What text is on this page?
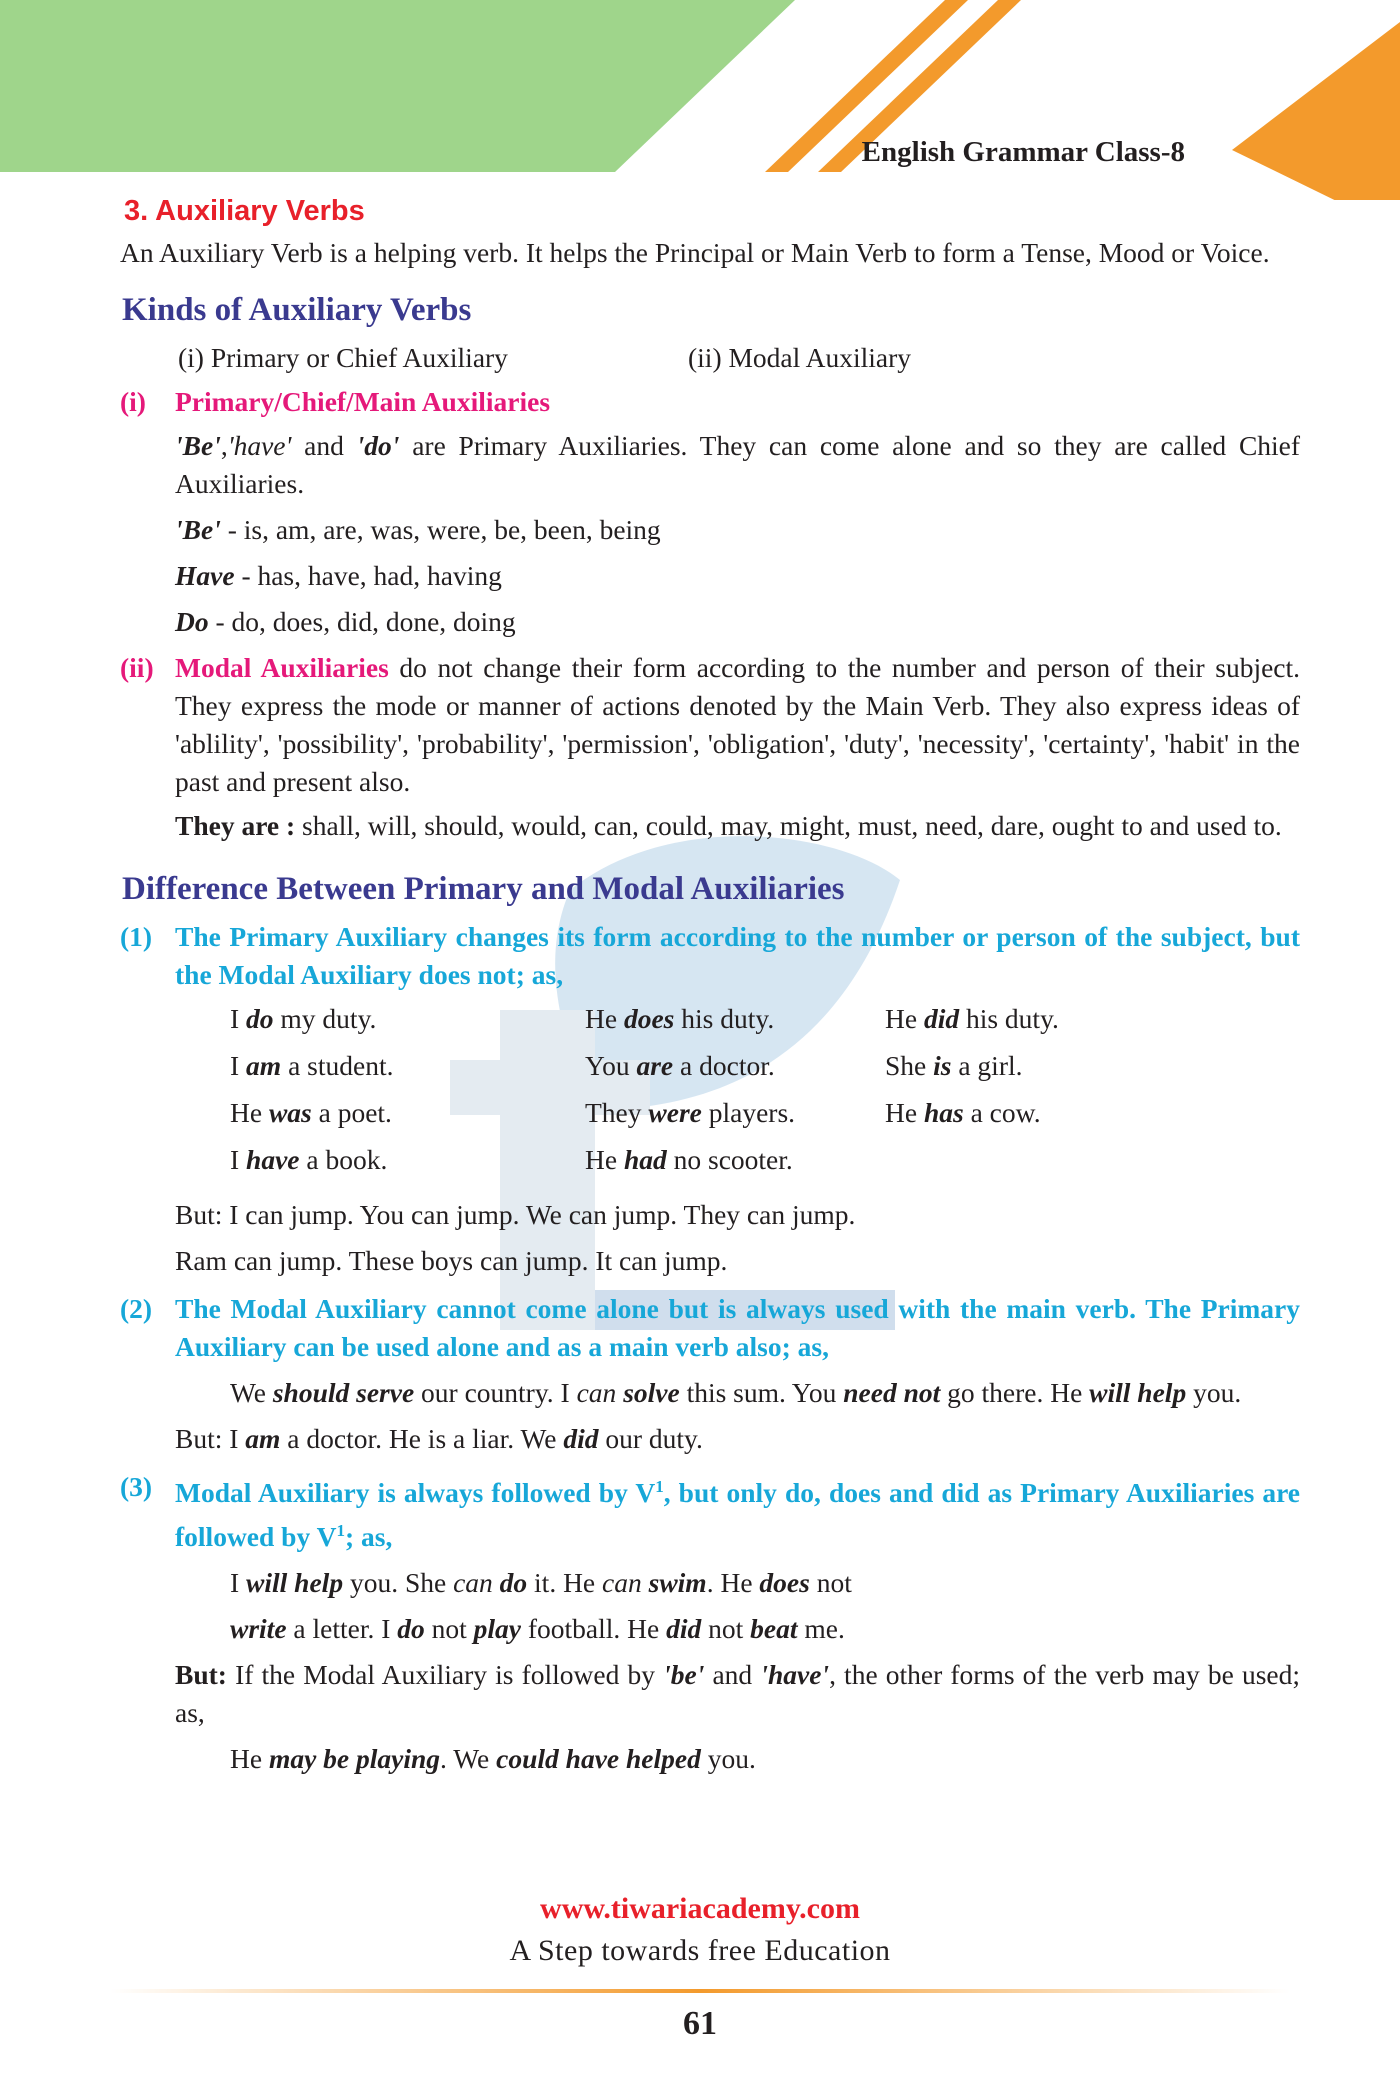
English Grammar Class-8
3. Auxiliary Verbs

An Auxiliary Verb is a helping verb. It helps the Principal or Main Verb to form a Tense, Mood or Voice.

Kinds of Auxiliary Verbs
(i) Primary or Chief Auxiliary	(ii) Modal Auxiliary
(i)	Primary/Chief/Main Auxiliaries

'Be','have' and 'do' are Primary Auxiliaries. They can come alone and so they are called Chief Auxiliaries.

'Be' - is, am, are, was, were, be, been, being
Have - has, have, had, having
Do - do, does, did, done, doing
(ii) Modal Auxiliaries do not change their form according to the number and person of their subject. They express the mode or manner of actions denoted by the Main Verb. They also express ideas of 'ablility', 'possibility', 'probability', 'permission', 'obligation', 'duty', 'necessity', 'certainty', 'habit' in the past and present also.

They are : shall, will, should, would, can, could, may, might, must, need, dare, ought to and used to.

Difference Between Primary and Modal Auxiliaries
(1) The Primary Auxiliary changes its form according to the number or person of the subject, but the Modal Auxiliary does not; as,

I do my duty.	He does his duty.	He did his duty.
I am a student.	You are a doctor.	She is a girl.
He was a poet.	They were players.	He has a cow.
I have a book.	He had no scooter.
But: I can jump. You can jump. We can jump. They can jump.
Ram can jump. These boys can jump. It can jump.
(2) The Modal Auxiliary cannot come alone but is always used with the main verb. The Primary Auxiliary can be used alone and as a main verb also; as,

We should serve our country. I can solve this sum. You need not go there. He will help you.

But: I am a doctor. He is a liar. We did our duty.
(3) Modal Auxiliary is always followed by $V^1$, but only do, does and did as Primary Auxiliaries are followed by $V^1$; as,

I will help you. She can do it. He can swim. He does not
write a letter. I do not play football. He did not beat me.

But: If the Modal Auxiliary is followed by 'be' and 'have', the other forms of the verb may be used; as,

He may be playing. We could have helped you.
www.tiwariacademy.com
A Step towards free Education
61
